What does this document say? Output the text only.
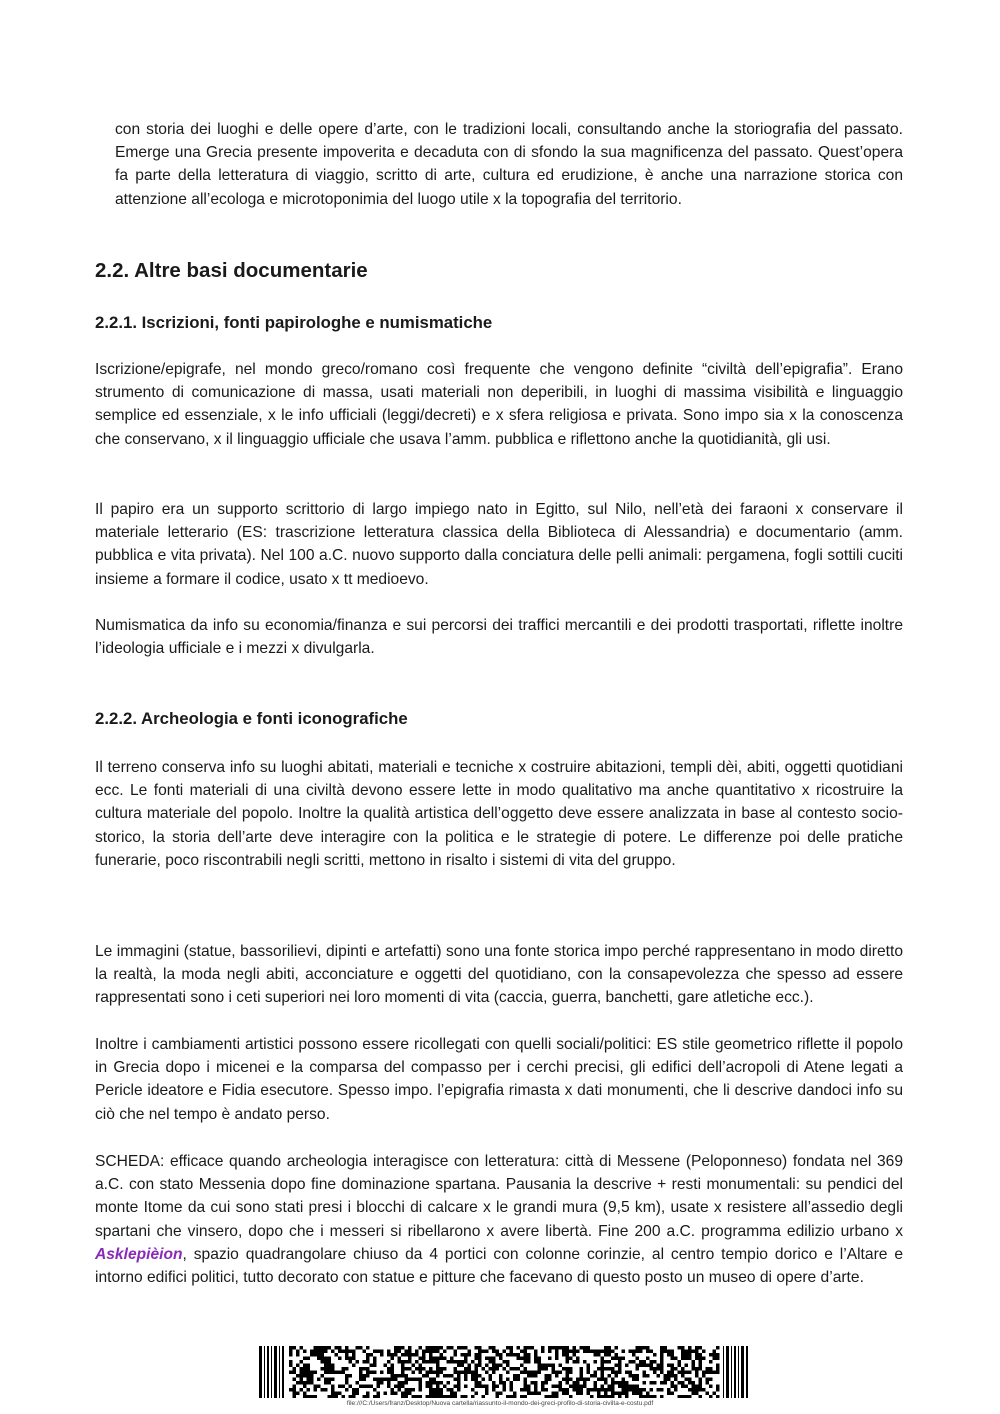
con storia dei luoghi e delle opere d’arte, con le tradizioni locali, consultando anche la storiografia del passato. Emerge una Grecia presente impoverita e decaduta con di sfondo la sua magnificenza del passato. Quest’opera fa parte della letteratura di viaggio, scritto di arte, cultura ed erudizione, è anche una narrazione storica con attenzione all’ecologa e microtoponimia del luogo utile x la topografia del territorio.

2.2. Altre basi documentarie
2.2.1. Iscrizioni, fonti papirologhe e numismatiche

Iscrizione/epigrafe, nel mondo greco/romano così frequente che vengono definite “civiltà dell’epigrafia”. Erano strumento di comunicazione di massa, usati materiali non deperibili, in luoghi di massima visibilità e linguaggio semplice ed essenziale, x le info ufficiali (leggi/decreti) e x sfera religiosa e privata. Sono impo sia x la conoscenza che conservano, x il linguaggio ufficiale che usava l’amm. pubblica e riflettono anche la quotidianità, gli usi.

Il papiro era un supporto scrittorio di largo impiego nato in Egitto, sul Nilo, nell’età dei faraoni x conservare il materiale letterario (ES: trascrizione letteratura classica della Biblioteca di Alessandria) e documentario (amm. pubblica e vita privata). Nel 100 a.C. nuovo supporto dalla conciatura delle pelli animali: pergamena, fogli sottili cuciti insieme a formare il codice, usato x tt medioevo.

Numismatica da info su economia/finanza e sui percorsi dei traffici mercantili e dei prodotti trasportati, riflette inoltre l’ideologia ufficiale e i mezzi x divulgarla.

2.2.2. Archeologia e fonti iconografiche

Il terreno conserva info su luoghi abitati, materiali e tecniche x costruire abitazioni, templi dèi, abiti, oggetti quotidiani ecc. Le fonti materiali di una civiltà devono essere lette in modo qualitativo ma anche quantitativo x ricostruire la cultura materiale del popolo. Inoltre la qualità artistica dell’oggetto deve essere analizzata in base al contesto socio-storico, la storia dell’arte deve interagire con la politica e le strategie di potere. Le differenze poi delle pratiche funerarie, poco riscontrabili negli scritti, mettono in risalto i sistemi di vita del gruppo.

Le immagini (statue, bassorilievi, dipinti e artefatti) sono una fonte storica impo perché rappresentano in modo diretto la realtà, la moda negli abiti, acconciature e oggetti del quotidiano, con la consapevolezza che spesso ad essere rappresentati sono i ceti superiori nei loro momenti di vita (caccia, guerra, banchetti, gare atletiche ecc.).

Inoltre i cambiamenti artistici possono essere ricollegati con quelli sociali/politici: ES stile geometrico riflette il popolo in Grecia dopo i micenei e la comparsa del compasso per i cerchi precisi, gli edifici dell’acropoli di Atene legati a Pericle ideatore e Fidia esecutore. Spesso impo. l’epigrafia rimasta x dati monumenti, che li descrive dandoci info su ciò che nel tempo è andato perso.

SCHEDA: efficace quando archeologia interagisce con letteratura: città di Messene (Peloponneso) fondata nel 369 a.C. con stato Messenia dopo fine dominazione spartana. Pausania la descrive + resti monumentali: su pendici del monte Itome da cui sono stati presi i blocchi di calcare x le grandi mura (9,5 km), usate x resistere all’assedio degli spartani che vinsero, dopo che i messeri si ribellarono x avere libertà. Fine 200 a.C. programma edilizio urbano x Asklepièion, spazio quadrangolare chiuso da 4 portici con colonne corinzie, al centro tempio dorico e l’Altare e intorno edifici politici, tutto decorato con statue e pitture che facevano di questo posto un museo di opere d’arte.

file:///C:/Users/franz/Desktop/Nuova cartella/riassunto-il-mondo-dei-greci-profilo-di-storia-civilta-e-costu.pdf
